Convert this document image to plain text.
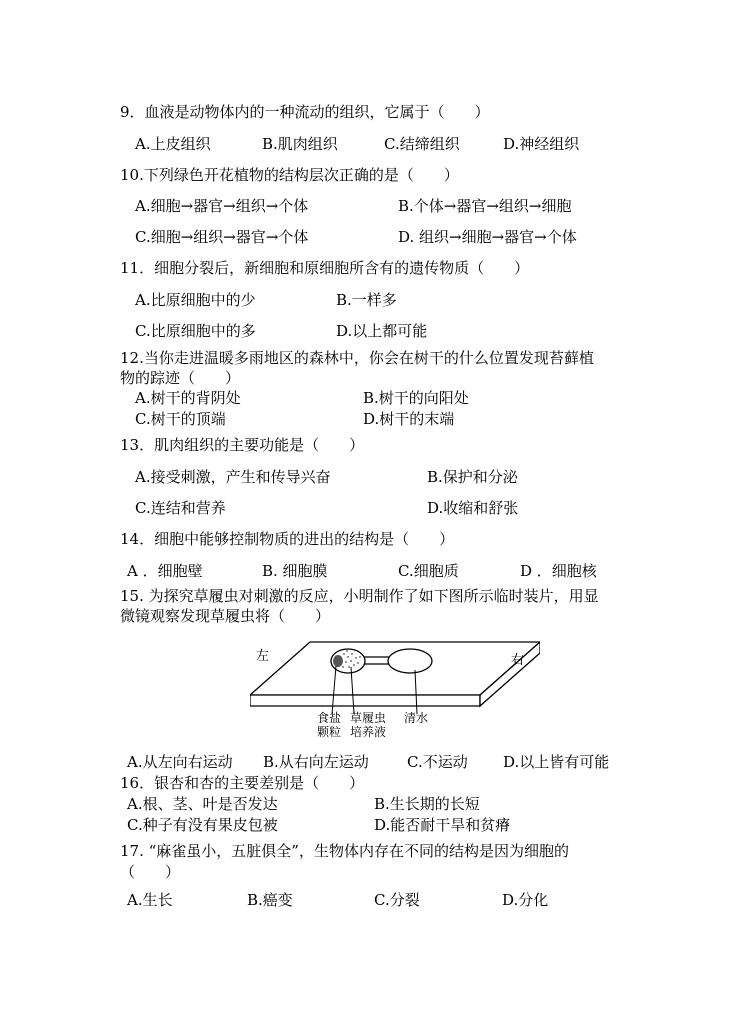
9．血液是动物体内的一种流动的组织，它属于（　　）
A.上皮组织	B.肌肉组织	C.结缔组织	D.神经组织
10.下列绿色开花植物的结构层次正确的是（　　）
A.细胞→器官→组织→个体	B.个体→器官→组织→细胞
C.细胞→组织→器官→个体	D. 组织→细胞→器官→个体
11．细胞分裂后，新细胞和原细胞所含有的遗传物质（　　）
A.比原细胞中的少	B.一样多
C.比原细胞中的多	D.以上都可能
12.当你走进温暖多雨地区的森林中，你会在树干的什么位置发现苔藓植
物的踪迹（　　）
A.树干的背阴处	B.树干的向阳处
C.树干的顶端	D.树干的末端
13．肌肉组织的主要功能是（　　）
A.接受刺激，产生和传导兴奋	B.保护和分泌
C.连结和营养	D.收缩和舒张
14．细胞中能够控制物质的进出的结构是（　　）
A ．细胞壁	B. 细胞膜	C.细胞质	D ．细胞核
15. 为探究草履虫对刺激的反应，小明制作了如下图所示临时装片，用显
微镜观察发现草履虫将（　　）
左	右
食盐
颗粒
草履虫
培养液
清水
A.从左向右运动 B.从右向左运动	C.不运动 D.以上皆有可能
16．银杏和杏的主要差别是（　　）
A.根、茎、叶是否发达	B.生长期的长短
C.种子有没有果皮包被	D.能否耐干旱和贫瘠
17. “麻雀虽小，五脏俱全”，生物体内存在不同的结构是因为细胞的
（　　）
A.生长	B.癌变	C.分裂	D.分化
